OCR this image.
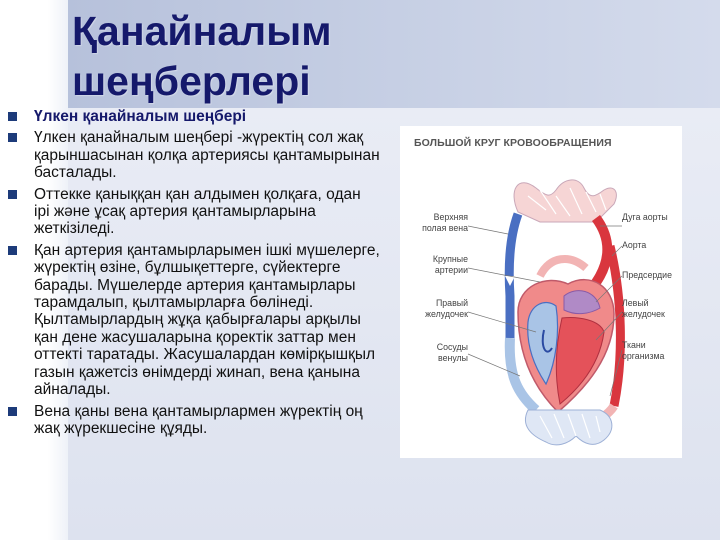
Қанайналым шеңберлері
Үлкен қанайналым шеңбері
Үлкен қанайналым шеңбері -жүректің сол жақ қарыншасынан қолқа артериясы қантамырынан басталады.
Оттекке қаныққан қан алдымен қолқаға, одан ірі және ұсақ артерия қантамырларына жеткізіледі.
Қан артерия қантамырларымен ішкі мүшелерге, жүректің өзіне, бұлшықеттерге, сүйектерге барады. Мүшелерде артерия қантамырлары тарамдалып, қылтамырларға бөлінеді. Қылтамырлардың жұқа қабырғалары арқылы қан дене жасушаларына қоректік заттар мен оттекті таратады. Жасушалардан көмірқышқыл газын қажетсіз өнімдерді жинап, вена қанына айналады.
Вена қаны вена қантамырлармен жүректің оң жақ жүрекшесіне құяды.
БОЛЬШОЙ КРУГ КРОВООБРАЩЕНИЯ
Верхняя полая вена
Крупные артерии
Правый желудочек
Сосуды венулы
Дуга аорты
Аорта
Предсердие
Левый желудочек
Ткани организма
